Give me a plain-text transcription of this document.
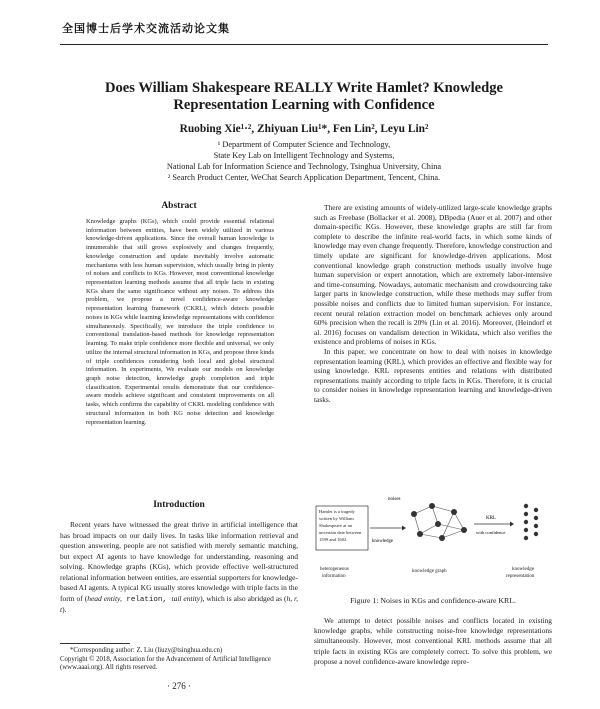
全国博士后学术交流活动论文集
Does William Shakespeare REALLY Write Hamlet? Knowledge Representation Learning with Confidence
Ruobing Xie¹·², Zhiyuan Liu¹*, Fen Lin², Leyu Lin²
¹ Department of Computer Science and Technology,
State Key Lab on Intelligent Technology and Systems,
National Lab for Information Science and Technology, Tsinghua University, China
² Search Product Center, WeChat Search Application Department, Tencent, China.
Abstract

Knowledge graphs (KGs), which could provide essential relational information between entities, have been widely utilized in various knowledge-driven applications. Since the overall human knowledge is innumerable that still grows explosively and changes frequently, knowledge construction and update inevitably involve automatic mechanisms with less human supervision, which usually bring in plenty of noises and conflicts to KGs. However, most conventional knowledge representation learning methods assume that all triple facts in existing KGs share the same significance without any noises. To address this problem, we propose a novel confidence-aware knowledge representation learning framework (CKRL), which detects possible noises in KGs while learning knowledge representations with confidence simultaneously. Specifically, we introduce the triple confidence to conventional translation-based methods for knowledge representation learning. To make triple confidence more flexible and universal, we only utilize the internal structural information in KGs, and propose three kinds of triple confidences considering both local and global structural information. In experiments, We evaluate our models on knowledge graph noise detection, knowledge graph completion and triple classification. Experimental results demonstrate that our confidence-aware models achieve significant and consistent improvements on all tasks, which confirms the capability of CKRL modeling confidence with structural information in both KG noise detection and knowledge representation learning.

Introduction

Recent years have witnessed the great thrive in artificial intelligence that has broad impacts on our daily lives. In tasks like information retrieval and question answering, people are not satisfied with merely semantic matching, but expect AI agents to have knowledge for understanding, reasoning and solving. Knowledge graphs (KGs), which provide effective well-structured relational information between entities, are essential supporters for knowledge-based AI agents. A typical KG usually stores knowledge with triple facts in the form of (head entity, relation, tail entity), which is also abridged as (h, r, t).

*Corresponding author: Z. Liu (liuzy@tsinghua.edu.cn)

Copyright © 2018, Association for the Advancement of Artificial Intelligence (www.aaai.org). All rights reserved.

· 276 ·

There are existing amounts of widely-utilized large-scale knowledge graphs such as Freebase (Bollacker et al. 2008), DBpedia (Auer et al. 2007) and other domain-specific KGs. However, these knowledge graphs are still far from complete to describe the infinite real-world facts, in which some kinds of knowledge may even change frequently. Therefore, knowledge construction and timely update are significant for knowledge-driven applications. Most conventional knowledge graph construction methods usually involve huge human supervision or expert annotation, which are extremely labor-intensive and time-consuming. Nowadays, automatic mechanism and crowdsourcing take larger parts in knowledge construction, while these methods may suffer from possible noises and conflicts due to limited human supervision. For instance, recent neural relation extraction model on benchmark achieves only around 60% precision when the recall is 20% (Lin et al. 2016). Moreover, (Heindorf et al. 2016) focuses on vandalism detection in Wikidata, which also verifies the existence and problems of noises in KGs.

In this paper, we concentrate on how to deal with noises in knowledge representation learning (KRL), which provides an effective and flexible way for using knowledge. KRL represents entities and relations with distributed representations mainly according to triple facts in KGs. Therefore, it is crucial to consider noises in knowledge representation learning and knowledge-driven tasks.

Hamlet is a tragedy
written by William
Shakespeare at an
uncertain date between
1599 and 1602.
noises
knowledge
KRL
with confidence
heterogeneous
information
knowledge graph	knowledge
representation
Figure 1: Noises in KGs and confidence-aware KRL.

We attempt to detect possible noises and conflicts located in existing knowledge graphs, while constructing noise-free knowledge representations simultaneously. However, most conventional KRL methods assume that all triple facts in existing KGs are completely correct. To solve this problem, we propose a novel confidence-aware knowledge repre-
